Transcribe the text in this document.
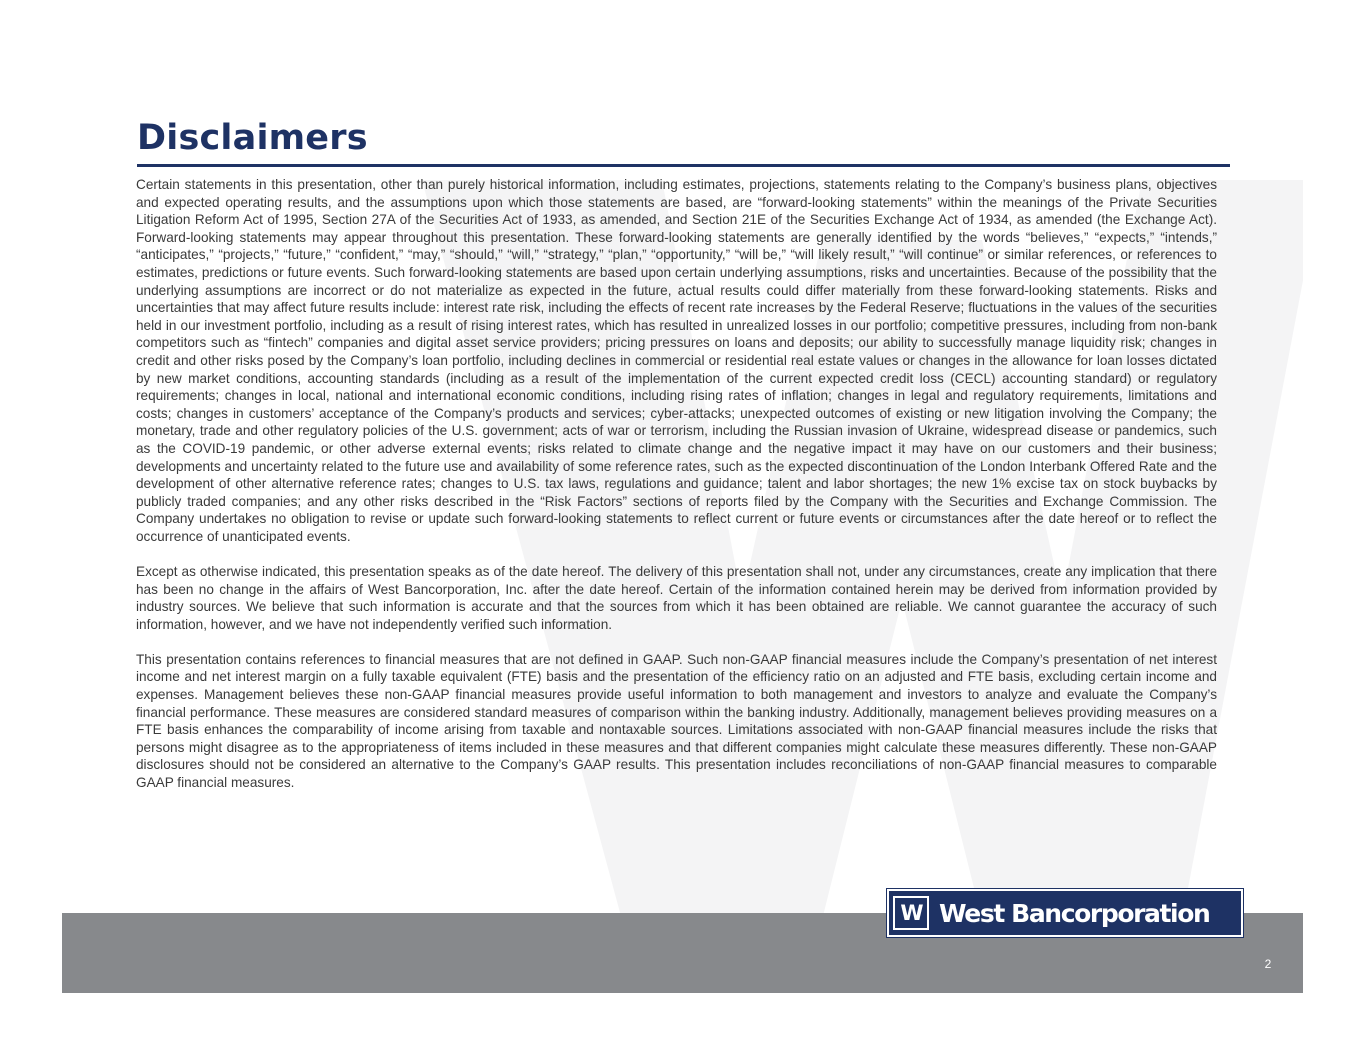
Disclaimers

Certain statements in this presentation, other than purely historical information, including estimates, projections, statements relating to the Company’s business plans, objectives and expected operating results, and the assumptions upon which those statements are based, are “forward-looking statements” within the meanings of the Private Securities Litigation Reform Act of 1995, Section 27A of the Securities Act of 1933, as amended, and Section 21E of the Securities Exchange Act of 1934, as amended (the Exchange Act). Forward-looking statements may appear throughout this presentation. These forward-looking statements are generally identified by the words “believes,” “expects,” “intends,” “anticipates,” “projects,” “future,” “confident,” “may,” “should,” “will,” “strategy,” “plan,” “opportunity,” “will be,” “will likely result,” “will continue” or similar references, or references to estimates, predictions or future events. Such forward-looking statements are based upon certain underlying assumptions, risks and uncertainties. Because of the possibility that the underlying assumptions are incorrect or do not materialize as expected in the future, actual results could differ materially from these forward-looking statements. Risks and uncertainties that may affect future results include: interest rate risk, including the effects of recent rate increases by the Federal Reserve; fluctuations in the values of the securities held in our investment portfolio, including as a result of rising interest rates, which has resulted in unrealized losses in our portfolio; competitive pressures, including from non-bank competitors such as “fintech” companies and digital asset service providers; pricing pressures on loans and deposits; our ability to successfully manage liquidity risk; changes in credit and other risks posed by the Company’s loan portfolio, including declines in commercial or residential real estate values or changes in the allowance for loan losses dictated by new market conditions, accounting standards (including as a result of the implementation of the current expected credit loss (CECL) accounting standard) or regulatory requirements; changes in local, national and international economic conditions, including rising rates of inflation; changes in legal and regulatory requirements, limitations and costs; changes in customers’ acceptance of the Company’s products and services; cyber-attacks; unexpected outcomes of existing or new litigation involving the Company; the monetary, trade and other regulatory policies of the U.S. government; acts of war or terrorism, including the Russian invasion of Ukraine, widespread disease or pandemics, such as the COVID-19 pandemic, or other adverse external events; risks related to climate change and the negative impact it may have on our customers and their business; developments and uncertainty related to the future use and availability of some reference rates, such as the expected discontinuation of the London Interbank Offered Rate and the development of other alternative reference rates; changes to U.S. tax laws, regulations and guidance; talent and labor shortages; the new 1% excise tax on stock buybacks by publicly traded companies; and any other risks described in the “Risk Factors” sections of reports filed by the Company with the Securities and Exchange Commission. The Company undertakes no obligation to revise or update such forward-looking statements to reflect current or future events or circumstances after the date hereof or to reflect the occurrence of unanticipated events.

Except as otherwise indicated, this presentation speaks as of the date hereof. The delivery of this presentation shall not, under any circumstances, create any implication that there has been no change in the affairs of West Bancorporation, Inc. after the date hereof. Certain of the information contained herein may be derived from information provided by industry sources. We believe that such information is accurate and that the sources from which it has been obtained are reliable. We cannot guarantee the accuracy of such information, however, and we have not independently verified such information.

This presentation contains references to financial measures that are not defined in GAAP. Such non-GAAP financial measures include the Company’s presentation of net interest income and net interest margin on a fully taxable equivalent (FTE) basis and the presentation of the efficiency ratio on an adjusted and FTE basis, excluding certain income and expenses. Management believes these non-GAAP financial measures provide useful information to both management and investors to analyze and evaluate the Company’s financial performance. These measures are considered standard measures of comparison within the banking industry. Additionally, management believes providing measures on a FTE basis enhances the comparability of income arising from taxable and nontaxable sources. Limitations associated with non-GAAP financial measures include the risks that persons might disagree as to the appropriateness of items included in these measures and that different companies might calculate these measures differently. These non-GAAP disclosures should not be considered an alternative to the Company’s GAAP results. This presentation includes reconciliations of non-GAAP financial measures to comparable GAAP financial measures.

W West Bancorporation
2
